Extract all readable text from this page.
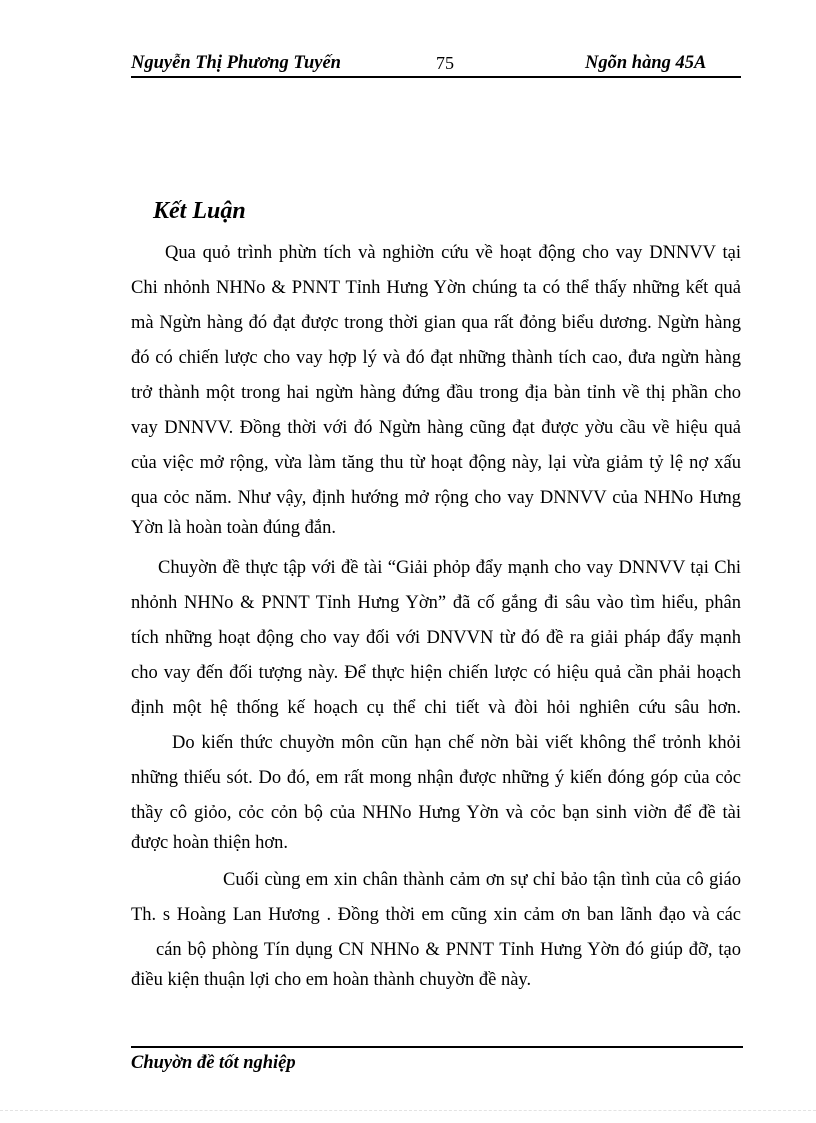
Nguyễn Thị Phương Tuyến	75	Ngõn hàng 45A
Kết Luận
Qua quỏ trình phừn tích và nghiờn cứu về hoạt động cho vay DNNVV tại
Chi nhỏnh NHNo & PNNT Tỉnh Hưng Yờn chúng ta có thể thấy những kết quả
mà Ngừn hàng đó đạt được trong thời gian qua rất đỏng biểu dương. Ngừn hàng
đó có chiến lược cho vay hợp lý và đó đạt những thành tích cao, đưa ngừn hàng
trở thành một trong hai ngừn hàng đứng đầu trong địa bàn tỉnh về thị phần cho
vay DNNVV. Đồng thời với đó Ngừn hàng cũng đạt được yờu cầu về hiệu quả
của việc mở rộng, vừa làm tăng thu từ hoạt động này, lại vừa giảm tỷ lệ nợ xấu
qua cỏc năm. Như vậy, định hướng mở rộng cho vay DNNVV của NHNo Hưng
Yờn là hoàn toàn đúng đắn.
Chuyờn đề thực tập với đề tài “Giải phỏp đẩy mạnh cho vay DNNVV tại Chi
nhỏnh NHNo & PNNT Tỉnh Hưng Yờn” đã cố gắng đi sâu vào tìm hiểu, phân
tích những hoạt động cho vay đối với DNVVN từ đó đề ra giải pháp đẩy mạnh
cho vay đến đối tượng này. Để thực hiện chiến lược có hiệu quả cần phải hoạch
định một hệ thống kế hoạch cụ thể chi tiết và đòi hỏi nghiên cứu sâu hơn.
Do kiến thức chuyờn môn cũn hạn chế nờn bài viết không thể trỏnh khỏi
những thiếu sót. Do đó, em rất mong nhận được những ý kiến đóng góp của cỏc
thầy cô giỏo, cỏc cỏn bộ của NHNo Hưng Yờn và cỏc bạn sinh viờn để đề tài
được hoàn thiện hơn.
Cuối cùng em xin chân thành cảm ơn sự chỉ bảo tận tình của cô giáo
Th. s Hoàng Lan Hương . Đồng thời em cũng xin cảm ơn ban lãnh đạo và các
cán bộ phòng Tín dụng CN NHNo & PNNT Tỉnh Hưng Yờn đó giúp đỡ, tạo
điều kiện thuận lợi cho em hoàn thành chuyờn đề này.
Chuyờn đề tốt nghiệp
